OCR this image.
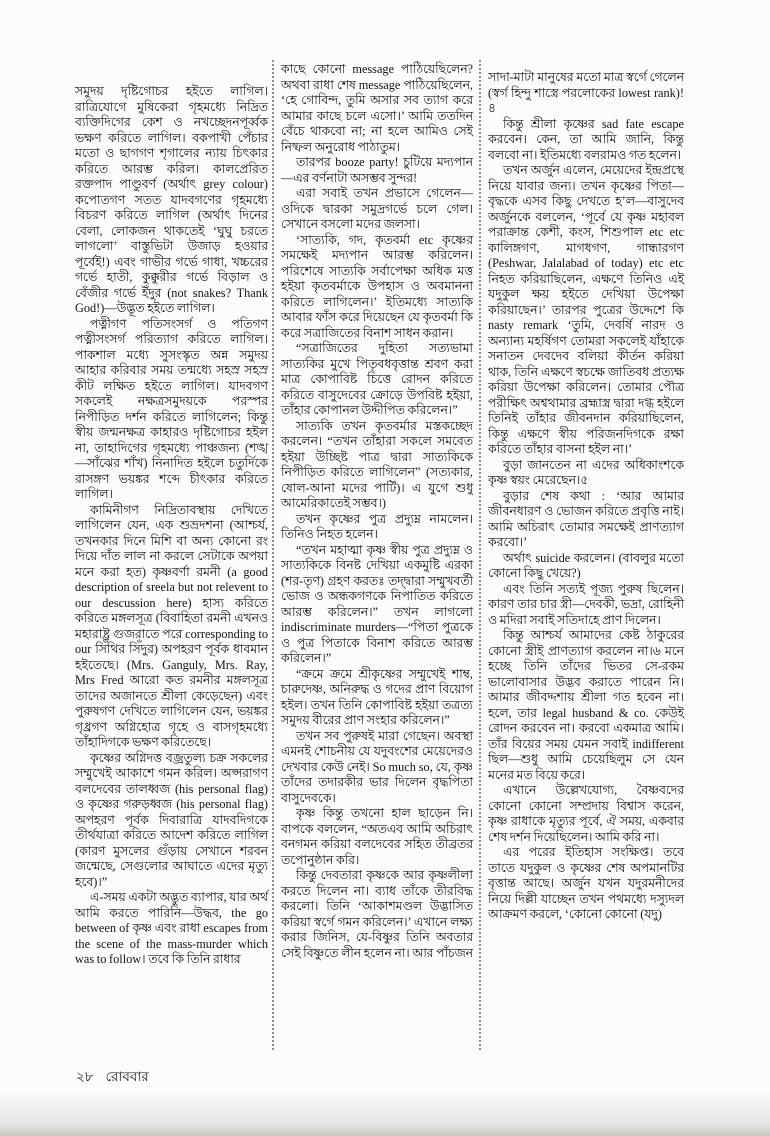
সমুদয় দৃষ্টিগোচর হইতে লাগিল। রাত্রিযোগে মুষিকেরা গৃহমধ্যে নিদ্রিত ব্যক্তিদিগের কেশ ও নখচ্ছেদনপূর্ব্বক ভক্ষণ করিতে লাগিল। বকপাখী পেঁচার মতো ও ছাগগণ শৃগালের ন্যায় চিৎকার করিতে আরম্ভ করিল। কালপ্রেরিত রক্তপাদ পাণ্ডুবর্ণ (অর্থাৎ grey colour) কপোতগণ সতত যাদবগণের গৃহমধ্যে বিচরণ করিতে লাগিল (অর্থাৎ দিনের বেলা, লোকজন থাকতেই ‘ঘুঘু চরতে লাগলো’ বাস্তুভিটা উজাড় হওয়ার পূর্বেই!) এবং গাভীর গর্ভে গাধা, খচ্চরের গর্ভে হাতী, কুক্কুরীর গর্ভে বিড়াল ও বেঁজীর গর্ভে ইঁদুর (not snakes? Thank God!)—উদ্ভূত হইতে লাগিল।

পত্নীগণ পতিসংসর্গ ও পতিগণ পত্নীসংসর্গ পরিত্যাগ করিতে লাগিল। পাকশাল মধ্যে সুসংস্কৃত অন্ন সমুদয় আহার করিবার সময় তন্মধ্যে সহস্র সহস্র কীট লক্ষিত হইতে লাগিল। যাদবগণ সকলেই নক্ষত্রসমুদয়কে পরস্পর নিপীড়িত দর্শন করিতে লাগিলেন; কিন্তু স্বীয় জন্মনক্ষত্র কাহারও দৃষ্টিগোচর হইল না, তাহাদিগের গৃহমধ্যে পাঞ্চজন্য (শঙ্খ—সাঁঝের শাঁখ) নিনাদিত হইলে চতুর্দিকে রাসঙ্গণ ভয়ঙ্কর শব্দে চীৎকার করিতে লাগিল।

কামিনীগণ নিদ্রিতাবস্থায় দেখিতে লাগিলেন যেন, এক শুভ্রদশনা (আশ্চর্য, তখনকার দিনে মিশি বা অন্য কোনো রং দিয়ে দাঁত লাল না করলে সেটাকে অপয়া মনে করা হত) কৃষ্ণবর্ণা রমনী (a good description of sreela but not relevent to our descussion here) হাস্য করিতে করিতে মঙ্গলসূত্র (বিবাহিতা রমনী এখনও মহারাষ্ট্র গুজরাতে পরে corresponding to our সিঁথির সিঁদুর) অপহরণ পূর্বক ধাবমান হইতেছে। (Mrs. Ganguly, Mrs. Ray, Mrs Fred আরো কত রমনীর মঙ্গলসূত্র তাদের অজানতে শ্রীলা কেড়েছেন) এবং পুরুষগণ দেখিতে লাগিলেন যেন, ভয়ঙ্কর গৃধ্রগণ অগ্নিহোত্র গৃহে ও বাসগৃহমধ্যে তাঁহাদিগকে ভক্ষণ করিতেছে।

কৃষ্ণের অগ্নিদত্ত বজ্রতুল্য চক্র সকলের সম্মুখেই আকাশে গমন করিল। অপ্সরাগণ বলদেবের তালধ্বজ (his personal flag) ও কৃষ্ণের গরুড়ধ্বজ (his personal flag) অপহরণ পূর্বক দিবারাত্রি যাদবদিগকে তীর্থযাত্রা করিতে আদেশ করিতে লাগিল (কারণ মুসলের গুঁড়ায় সেখানে শরবন জন্মেছে, সেগুলোর আঘাতে এদের মৃত্যু হবে)।”

এ-সময় একটা অদ্ভুত ব্যাপার, যার অর্থ আমি করতে পারিনি—উদ্ধব, the go between of কৃষ্ণ এবং রাধা escapes from the scene of the mass-murder which was to follow। তবে কি তিনি রাধার

কাছে কোনো message পাঠিয়েছিলেন? অথবা রাধা শেষ message পাঠিয়েছিলেন, ‘হে গোবিন্দ, তুমি অসার সব ত্যাগ করে আমার কাছে চলে এসো।’ আমি ততদিন বেঁচে থাকবো না; না হলে আমিও সেই নিষ্ফল অনুরোধ পাঠাতুম।

তারপর booze party! চুটিয়ে মদ্যপান—এর বর্ণনাটা অসম্ভব সুন্দর!

এরা সবাই তখন প্রভাসে গেলেন—ওদিকে দ্বারকা সমুদ্রগর্ভে চলে গেল। সেখানে বসলো মদের জলসা।

‘সাত্যকি, গদ, কৃতবর্মা etc কৃষ্ণের সমক্ষেই মদ্যপান আরম্ভ করিলেন। পরিশেষে সাত্যকি সর্বাপেক্ষা অধিক মত্ত হইয়া কৃতবর্মাকে উপহাস ও অবমাননা করিতে লাগিলেন।’ ইতিমধ্যে সাত্যকি আবার ফাঁস করে দিয়েছেন যে কৃতবর্মা কি করে সত্রাজিতের বিনাশ সাধন করান।

“সত্রাজিতের দুহিতা সত্যভামা সাত্যকির মুখে পিতৃবধবৃত্তান্ত শ্রবণ করা মাত্র কোপাবিষ্ট চিত্তে রোদন করিতে করিতে বাসুদেবের ক্রোড়ে উপবিষ্ট হইয়া, তাঁহার কোপানল উদ্দীপিত করিলেন।”

সাত্যকি তখন কৃতবর্মার মস্তকচ্ছেদ করলেন। “তখন তাঁহারা সকলে সমবেত হইয়া উচ্ছিষ্ট পাত্র দ্বারা সাত্যকিকে নিপীড়িত করিতে লাগিলেন” (সত্যকার, ষোল-আনা মদের পার্টি)। এ যুগে শুধু আমেরিকাতেই সম্ভব।)

তখন কৃষ্ণের পুত্র প্রদ্যুম্ন নামলেন। তিনিও নিহত হলেন।

“তখন মহাত্মা কৃষ্ণ স্বীয় পুত্র প্রদ্যুম্ন ও সাত্যকিকে বিনষ্ট দেখিয়া একমুষ্টি এরকা (শর-তৃণ) গ্রহণ করতঃ তদ্দ্বারা সম্মুখবর্তী ভোজ ও অন্ধকগণকে নিপাতিত করিতে আরম্ভ করিলেন।” তখন লাগলো indiscriminate murders—“পিতা পুত্রকে ও পুত্র পিতাকে বিনাশ করিতে আরম্ভ করিলেন।”

“ক্রমে ক্রমে শ্রীকৃষ্ণের সম্মুখেই শাম্ব, চারুদেষ্ণ, অনিরুদ্ধ ও গদের প্রাণ বিয়োগ হইল। তখন তিনি কোপাবিষ্ট হইয়া তত্রত্য সমুদয় বীরের প্রাণ সংহার করিলেন।”

তখন সব পুরুষই মারা গেছেন। অবস্থা এমনই শোচনীয় যে যদুবংশের মেয়েদেরও দেখবার কেউ নেই। So much so, যে, কৃষ্ণ তাঁদের তদারকীর ভার দিলেন বৃদ্ধপিতা বাসুদেবকে।

কৃষ্ণ কিন্তু তখনো হাল ছাড়েন নি। বাপকে বললেন, “অতএব আমি অচিরাৎ বনগমন করিয়া বলদেবের সহিত তীব্রতর তপোনুষ্ঠান করি।

কিন্তু দেবতারা কৃষ্ণকে আর কৃষ্ণলীলা করতে দিলেন না। ব্যাধ তাঁকে তীরবিদ্ধ করলো। তিনি ‘আকাশমণ্ডল উদ্ভাসিত করিয়া স্বর্গে গমন করিলেন।’ এখানে লক্ষ্য করার জিনিস, যে-বিষ্ণুর তিনি অবতার সেই বিষ্ণুতে লীন হলেন না। আর পাঁচজন

সাদা-মাটা মানুষের মতো মাত্র স্বর্গে গেলেন (স্বর্গ হিন্দু শাস্ত্রে পরলোকের lowest rank)!৪

কিন্তু শ্রীলা কৃষ্ণের sad fate escape করবেন। কেন, তা আমি জানি, কিন্তু বলবো না। ইতিমধ্যে বলরামও গত হলেন।

তখন অর্জুন এলেন, মেয়েদের ইন্দ্রপ্রস্থে নিয়ে যাবার জন্য। তখন কৃষ্ণের পিতা—বৃদ্ধকে এসব কিছু দেখতে হ’ল—বাসুদেব অর্জুনকে বললেন, ‘পূর্বে যে কৃষ্ণ মহাবল পরাক্রান্ত কেশী, কংস, শিশুপাল etc etc কালিঙ্গগণ, মাগধগণ, গান্ধারগণ (Peshwar, Jalalabad of today) etc etc নিহত করিয়াছিলেন, এক্ষণে তিনিও এই যদুকুল ক্ষয় হইতে দেখিয়া উপেক্ষা করিয়াছেন।’ তারপর পুত্রের উদ্দেশে কি nasty remark ‘তুমি, দেবর্ষি নারদ ও অন্যান্য মহর্ষিগণ তোমরা সকলেই যাঁহাকে সনাতন দেবদেব বলিয়া কীর্তন করিয়া থাক, তিনি এক্ষণে স্বচক্ষে জাতিবধ প্রত্যক্ষ করিয়া উপেক্ষা করিলেন। তোমার পৌত্র পরীক্ষিৎ অশ্বথামার ব্রহ্মাস্ত্র দ্বারা দগ্ধ হইলে তিনিই তাঁহার জীবনদান করিয়াছিলেন, কিন্তু এক্ষণে স্বীয় পরিজনদিগকে রক্ষা করিতে তাঁহার বাসনা হইল না।’

বুড়া জানতেন না এদের অধিকাংশকে কৃষ্ণ স্বয়ং মেরেছেন।৫

বুড়ার শেষ কথা : ‘আর আমার জীবনধারণ ও ভোজন করিতে প্রবৃত্তি নাই। আমি অচিরাৎ তোমার সমক্ষেই প্রাণত্যাগ করবো।’

অর্থাৎ suicide করলেন। (বাবলুর মতো কোনো কিছু খেয়ে?)

এবং তিনি সত্যই পূজ্য পুরুষ ছিলেন। কারণ তার চার স্ত্রী—দেবকী, ভদ্রা, রোহিনী ও মদিরা সবাই সতিদাহে প্রাণ দিলেন।

কিন্তু আশ্চর্য আমাদের কেষ্ট ঠাকুরের কোনো স্ত্রীই প্রাণত্যাগ করলেন না।৬ মনে হচ্ছে তিনি তাঁদের ভিতর সে-রকম ভালোবাসার উদ্ভব করাতে পারেন নি। আমার জীবদ্দশায় শ্রীলা গত হবেন না। হলে, তার legal husband & co. কেউই রোদন করবেন না। করবো একমাত্র আমি। তাঁর বিয়ের সময় যেমন সবাই indifferent ছিল—শুধু আমি চেয়েছিলুম সে যেন মনের মত বিয়ে করে।

এখানে উল্লেখযোগ্য, বৈষ্ণবদের কোনো কোনো সম্প্রদায় বিশ্বাস করেন, কৃষ্ণ রাধাকে মৃত্যুর পূর্বে, ঐ সময়, একবার শেষ দর্শন দিয়েছিলেন। আমি করি না।

এর পরের ইতিহাস সংক্ষিপ্ত। তবে তাতে যদুকুল ও কৃষ্ণের শেষ অপমানটির বৃত্তান্ত আছে। অর্জুন যখন যদুরমনীদের নিয়ে দিল্লী যাচ্ছেন তখন পথমধ্যে দস্যুদল আক্রমণ করলে, ‘কোনো কোনো (যদু)

২৮ রোববার
